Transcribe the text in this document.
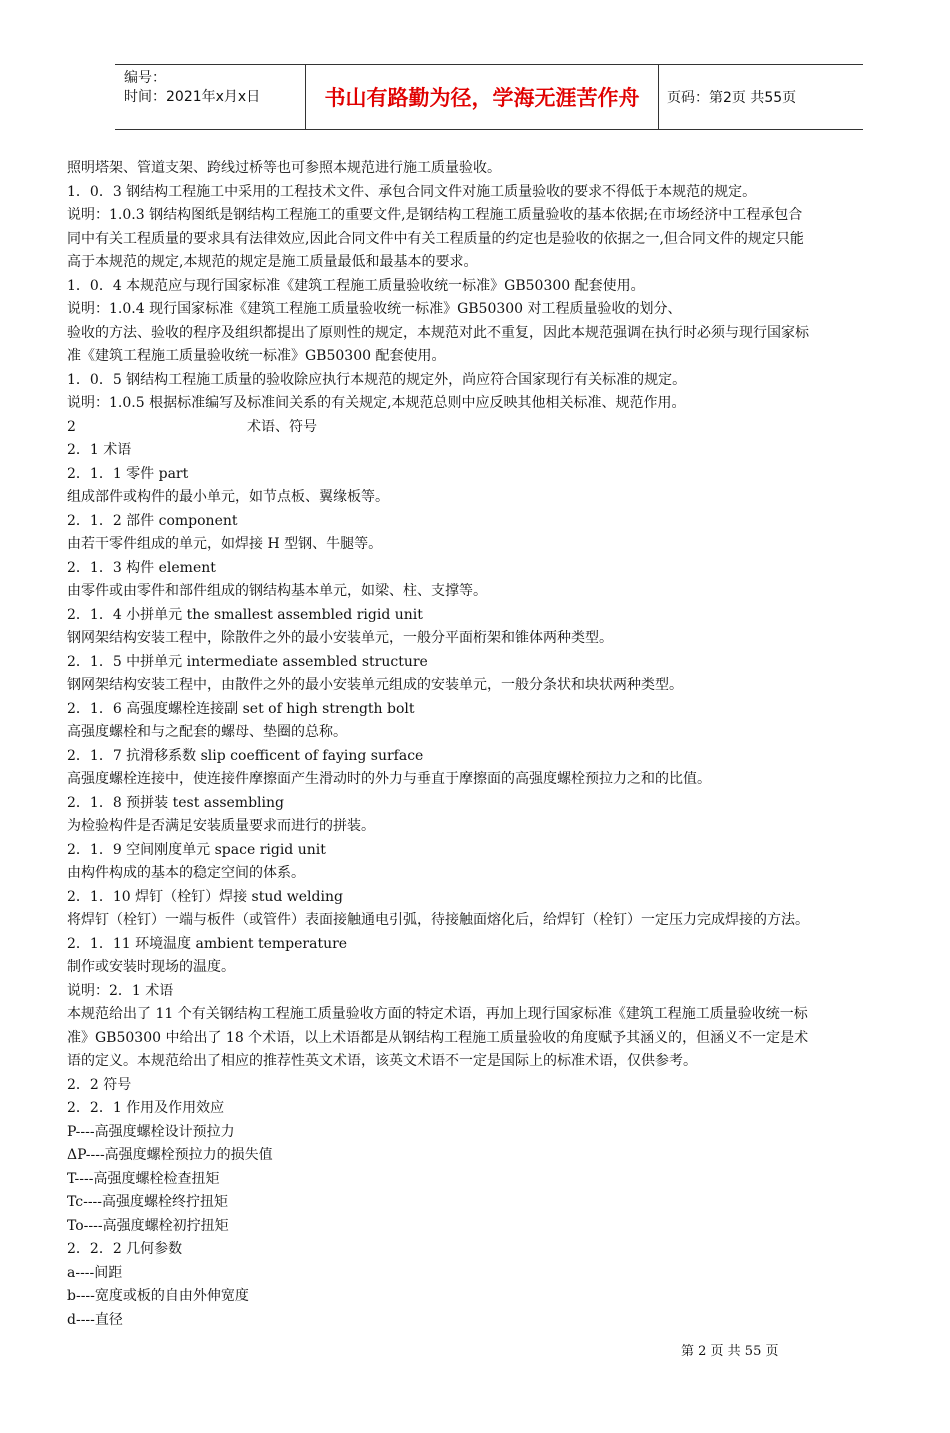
编号：
时间：2021年x月x日	书山有路勤为径，学海无涯苦作舟	页码：第2页 共55页
照明塔架、管道支架、跨线过桥等也可参照本规范进行施工质量验收。
1．0．3 钢结构工程施工中采用的工程技术文件、承包合同文件对施工质量验收的要求不得低于本规范的规定。
说明：1.0.3 钢结构图纸是钢结构工程施工的重要文件,是钢结构工程施工质量验收的基本依据;在市场经济中工程承包合
同中有关工程质量的要求具有法律效应,因此合同文件中有关工程质量的约定也是验收的依据之一,但合同文件的规定只能
高于本规范的规定,本规范的规定是施工质量最低和最基本的要求。
1．0．4 本规范应与现行国家标准《建筑工程施工质量验收统一标准》GB50300 配套使用。
说明：1.0.4 现行国家标准《建筑工程施工质量验收统一标准》GB50300 对工程质量验收的划分、
验收的方法、验收的程序及组织都提出了原则性的规定，本规范对此不重复，因此本规范强调在执行时必须与现行国家标
准《建筑工程施工质量验收统一标准》GB50300 配套使用。
1．0．5 钢结构工程施工质量的验收除应执行本规范的规定外，尚应符合国家现行有关标准的规定。
说明：1.0.5 根据标准编写及标准间关系的有关规定,本规范总则中应反映其他相关标准、规范作用。
2	术语、符号
2．1 术语
2．1．1 零件 part
组成部件或构件的最小单元，如节点板、翼缘板等。
2．1．2 部件 component
由若干零件组成的单元，如焊接 H 型钢、牛腿等。
2．1．3 构件 element
由零件或由零件和部件组成的钢结构基本单元，如梁、柱、支撑等。
2．1．4 小拼单元 the smallest assembled rigid unit
钢网架结构安装工程中，除散件之外的最小安装单元，一般分平面桁架和锥体两种类型。
2．1．5 中拼单元 intermediate assembled structure
钢网架结构安装工程中，由散件之外的最小安装单元组成的安装单元，一般分条状和块状两种类型。
2．1．6 高强度螺栓连接副 set of high strength bolt
高强度螺栓和与之配套的螺母、垫圈的总称。
2．1．7 抗滑移系数 slip coefficent of faying surface
高强度螺栓连接中，使连接件摩擦面产生滑动时的外力与垂直于摩擦面的高强度螺栓预拉力之和的比值。
2．1．8 预拼装 test assembling
为检验构件是否满足安装质量要求而进行的拼装。
2．1．9 空间刚度单元 space rigid unit
由构件构成的基本的稳定空间的体系。
2．1．10 焊钉（栓钉）焊接 stud welding
将焊钉（栓钉）一端与板件（或管件）表面接触通电引弧，待接触面熔化后，给焊钉（栓钉）一定压力完成焊接的方法。
2．1．11 环境温度 ambient temperature
制作或安装时现场的温度。
说明：2．1 术语
本规范给出了 11 个有关钢结构工程施工质量验收方面的特定术语，再加上现行国家标准《建筑工程施工质量验收统一标
准》GB50300 中给出了 18 个术语，以上术语都是从钢结构工程施工质量验收的角度赋予其涵义的，但涵义不一定是术
语的定义。本规范给出了相应的推荐性英文术语，该英文术语不一定是国际上的标准术语，仅供参考。
2．2 符号
2．2．1 作用及作用效应
P----高强度螺栓设计预拉力
ΔP----高强度螺栓预拉力的损失值
T----高强度螺栓检查扭矩
Tc----高强度螺栓终拧扭矩
To----高强度螺栓初拧扭矩
2．2．2 几何参数
a----间距
b----宽度或板的自由外伸宽度
d----直径
第 2 页 共 55 页
